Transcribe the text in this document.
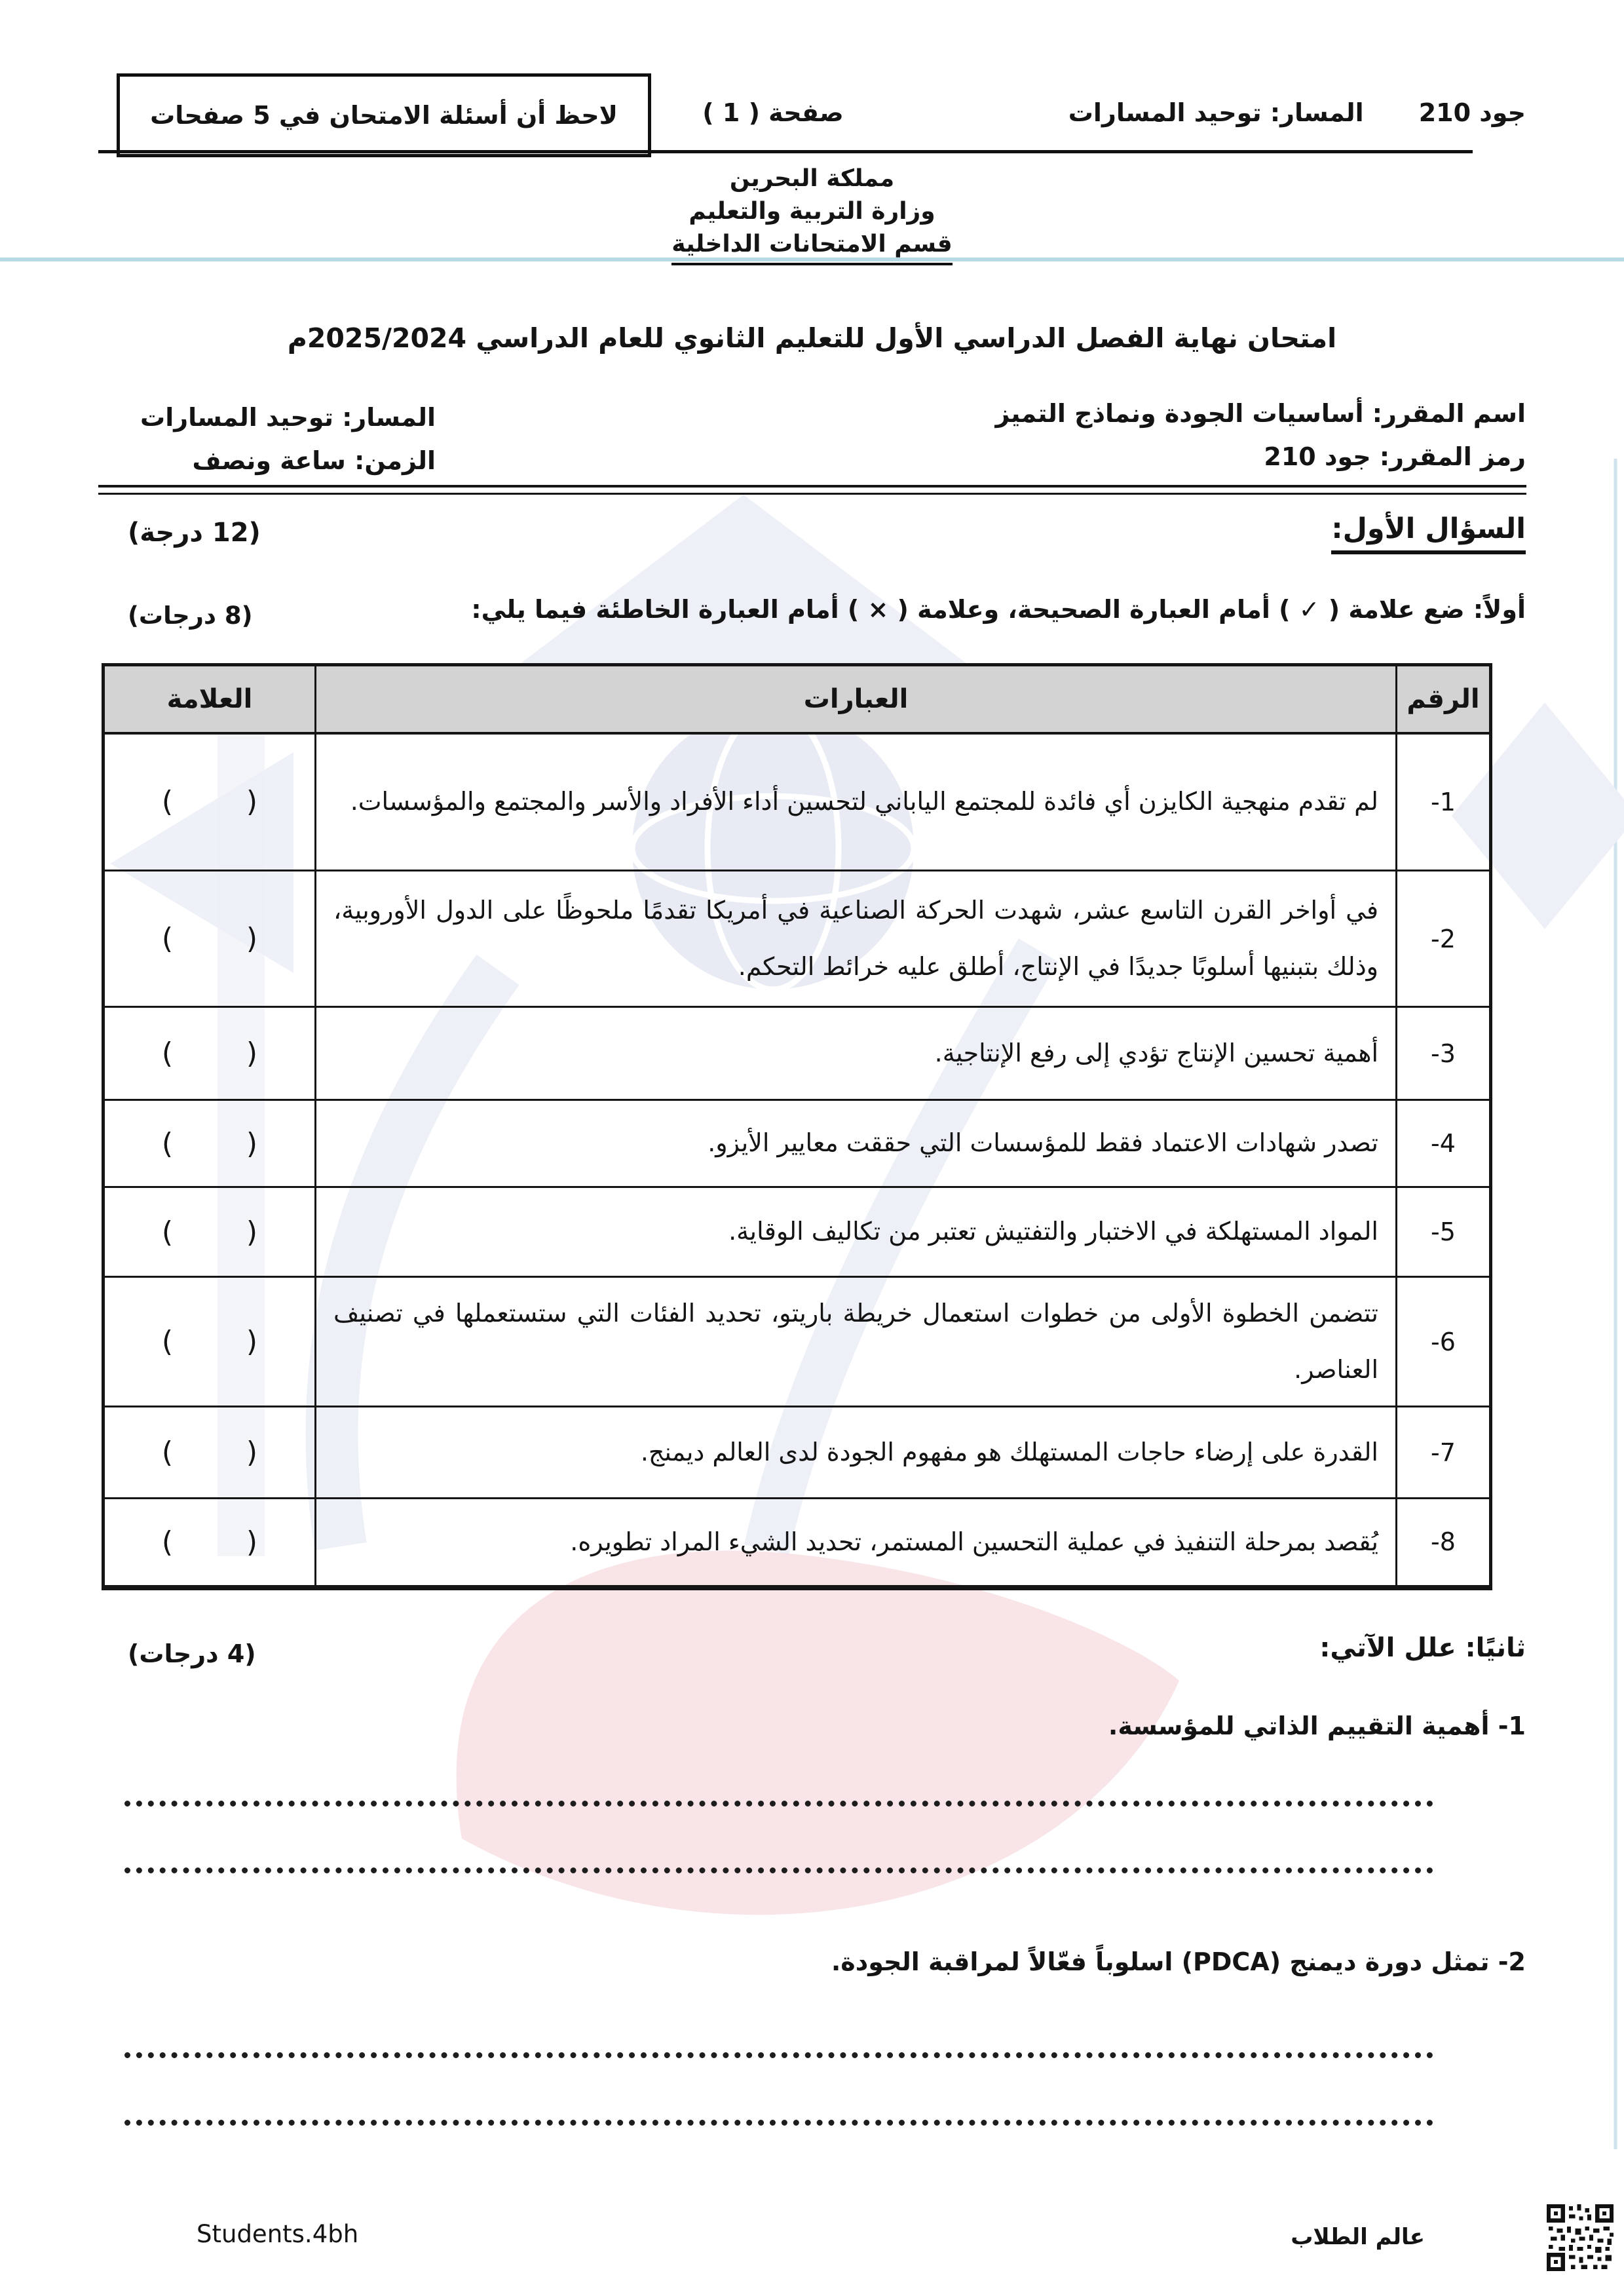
لاحظ أن أسئلة الامتحان في 5 صفحات	صفحة ( 1 )	جود 210
المسار: توحيد المسارات
مملكة البحرين
وزارة التربية والتعليم
قسم الامتحانات الداخلية
امتحان نهاية الفصل الدراسي الأول للتعليم الثانوي للعام الدراسي 2025/2024م
اسم المقرر: أساسيات الجودة ونماذج التميز
رمز المقرر: جود 210
المسار: توحيد المسارات
الزمن: ساعة ونصف
السؤال الأول:
(12 درجة)
أولاً: ضع علامة ( ✓ ) أمام العبارة الصحيحة، وعلامة ( × ) أمام العبارة الخاطئة فيما يلي:
(8 درجات)
الرقم	العبارات	العلامة
-1	لم تقدم منهجية الكايزن أي فائدة للمجتمع الياباني لتحسين أداء الأفراد والأسر والمجتمع والمؤسسات.	(        )
-2	في أواخر القرن التاسع عشر، شهدت الحركة الصناعية في أمريكا تقدمًا ملحوظًا على الدول الأوروبية، وذلك بتبنيها أسلوبًا جديدًا في الإنتاج، أطلق عليه خرائط التحكم.	(        )
-3	أهمية تحسين الإنتاج تؤدي إلى رفع الإنتاجية.	(        )
-4	تصدر شهادات الاعتماد فقط للمؤسسات التي حققت معايير الأيزو.	(        )
-5	المواد المستهلكة في الاختبار والتفتيش تعتبر من تكاليف الوقاية.	(        )
-6	تتضمن الخطوة الأولى من خطوات استعمال خريطة باريتو، تحديد الفئات التي ستستعملها في تصنيف العناصر.	(        )
-7	القدرة على إرضاء حاجات المستهلك هو مفهوم الجودة لدى العالم ديمنج.	(        )
-8	يُقصد بمرحلة التنفيذ في عملية التحسين المستمر، تحديد الشيء المراد تطويره.	(        )
ثانيًا: علل الآتي:
(4 درجات)
1- أهمية التقييم الذاتي للمؤسسة.
2- تمثل دورة ديمنج (PDCA) اسلوباً فعّالاً لمراقبة الجودة.
Students.4bh	عالم الطلاب
